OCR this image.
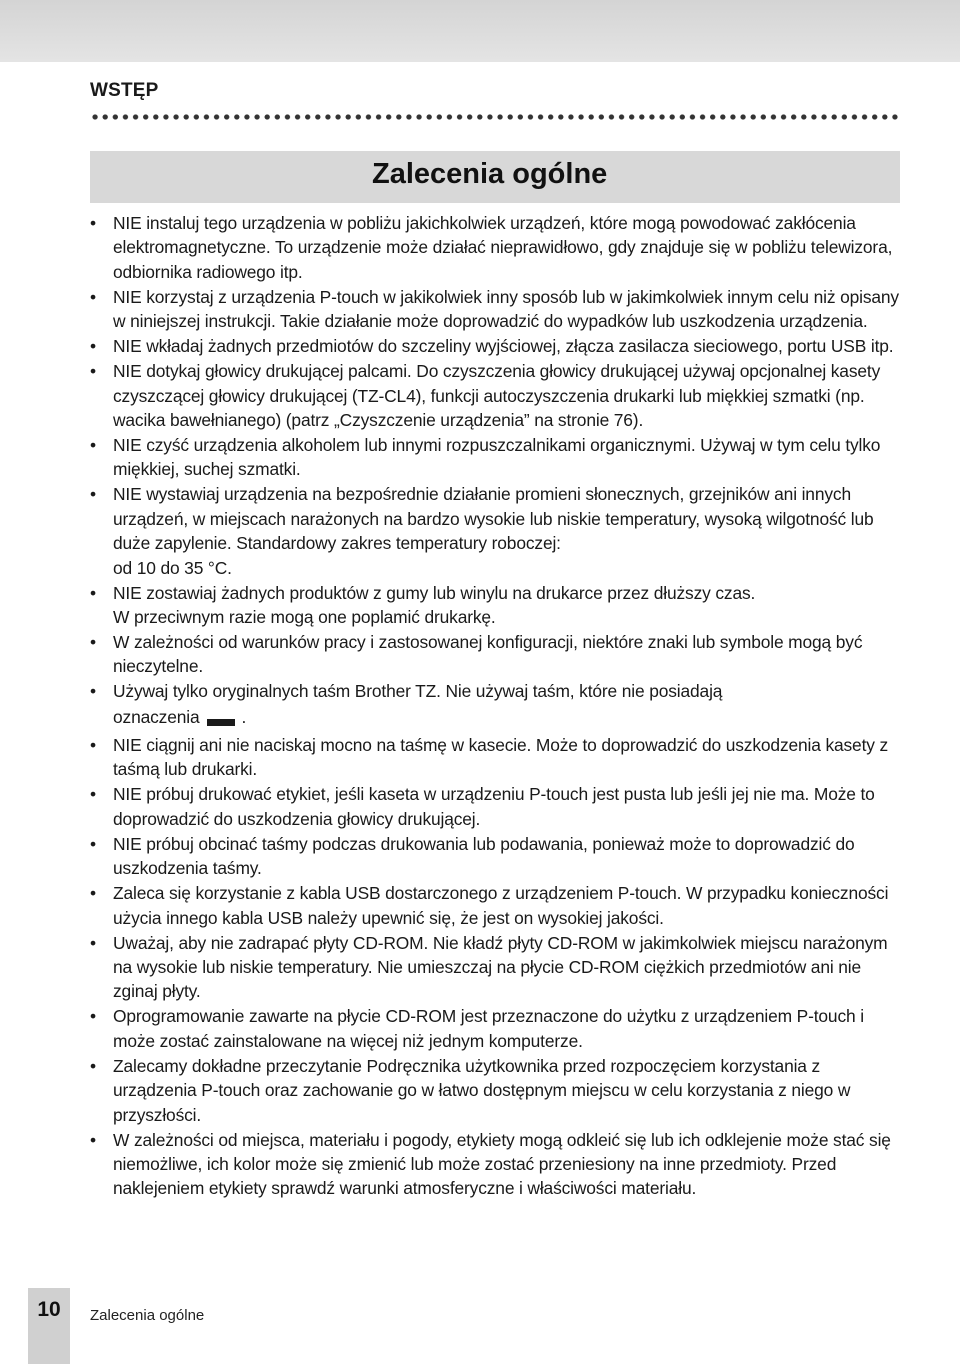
WSTĘP
Zalecenia ogólne
• NIE instaluj tego urządzenia w pobliżu jakichkolwiek urządzeń, które mogą powodować zakłócenia elektromagnetyczne. To urządzenie może działać nieprawidłowo, gdy znajduje się w pobliżu telewizora, odbiornika radiowego itp.
• NIE korzystaj z urządzenia P-touch w jakikolwiek inny sposób lub w jakimkolwiek innym celu niż opisany w niniejszej instrukcji. Takie działanie może doprowadzić do wypadków lub uszkodzenia urządzenia.
• NIE wkładaj żadnych przedmiotów do szczeliny wyjściowej, złącza zasilacza sieciowego, portu USB itp.
• NIE dotykaj głowicy drukującej palcami. Do czyszczenia głowicy drukującej używaj opcjonalnej kasety czyszczącej głowicy drukującej (TZ-CL4), funkcji autoczyszczenia drukarki lub miękkiej szmatki (np. wacika bawełnianego) (patrz „Czyszczenie urządzenia” na stronie 76).
• NIE czyść urządzenia alkoholem lub innymi rozpuszczalnikami organicznymi. Używaj w tym celu tylko miękkiej, suchej szmatki.
• NIE wystawiaj urządzenia na bezpośrednie działanie promieni słonecznych, grzejników ani innych urządzeń, w miejscach narażonych na bardzo wysokie lub niskie temperatury, wysoką wilgotność lub duże zapylenie. Standardowy zakres temperatury roboczej:
od 10 do 35 °C.
• NIE zostawiaj żadnych produktów z gumy lub winylu na drukarce przez dłuższy czas.
W przeciwnym razie mogą one poplamić drukarkę.
• W zależności od warunków pracy i zastosowanej konfiguracji, niektóre znaki lub symbole mogą być nieczytelne.
• Używaj tylko oryginalnych taśm Brother TZ. Nie używaj taśm, które nie posiadają
oznaczenia .
• NIE ciągnij ani nie naciskaj mocno na taśmę w kasecie. Może to doprowadzić do uszkodzenia kasety z taśmą lub drukarki.
• NIE próbuj drukować etykiet, jeśli kaseta w urządzeniu P-touch jest pusta lub jeśli jej nie ma. Może to doprowadzić do uszkodzenia głowicy drukującej.
• NIE próbuj obcinać taśmy podczas drukowania lub podawania, ponieważ może to doprowadzić do uszkodzenia taśmy.
• Zaleca się korzystanie z kabla USB dostarczonego z urządzeniem P-touch. W przypadku konieczności użycia innego kabla USB należy upewnić się, że jest on wysokiej jakości.
• Uważaj, aby nie zadrapać płyty CD-ROM. Nie kładź płyty CD-ROM w jakimkolwiek miejscu narażonym na wysokie lub niskie temperatury. Nie umieszczaj na płycie CD-ROM ciężkich przedmiotów ani nie zginaj płyty.
• Oprogramowanie zawarte na płycie CD-ROM jest przeznaczone do użytku z urządzeniem P-touch i może zostać zainstalowane na więcej niż jednym komputerze.
• Zalecamy dokładne przeczytanie Podręcznika użytkownika przed rozpoczęciem korzystania z urządzenia P-touch oraz zachowanie go w łatwo dostępnym miejscu w celu korzystania z niego w przyszłości.
• W zależności od miejsca, materiału i pogody, etykiety mogą odkleić się lub ich odklejenie może stać się niemożliwe, ich kolor może się zmienić lub może zostać przeniesiony na inne przedmioty. Przed naklejeniem etykiety sprawdź warunki atmosferyczne i właściwości materiału.
10	Zalecenia ogólne
